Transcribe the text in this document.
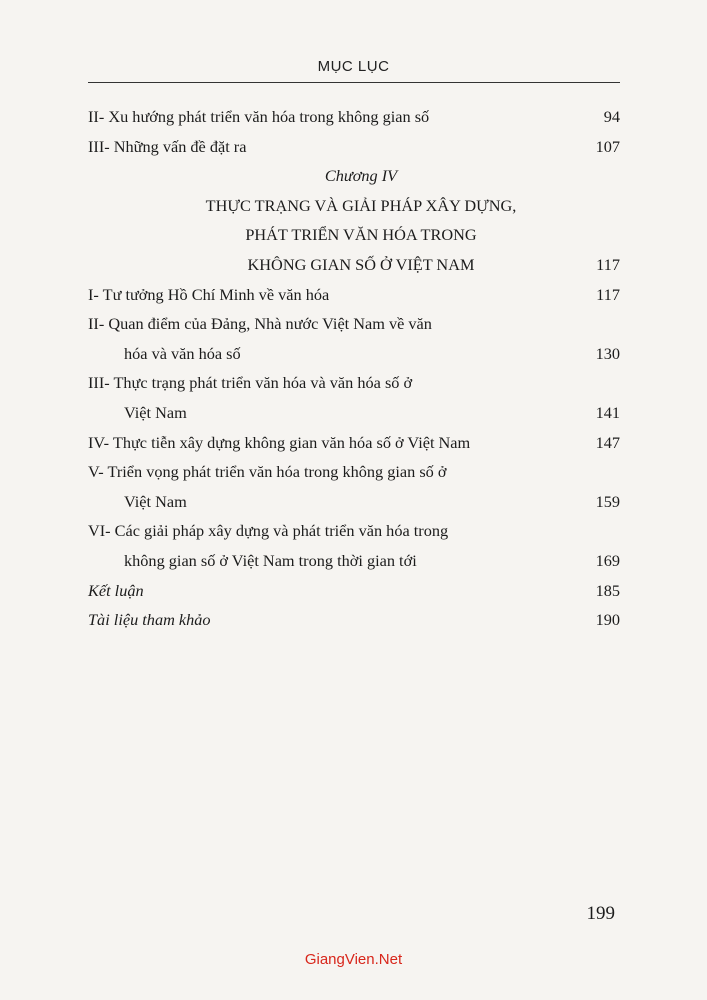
MỤC LỤC
II- Xu hướng phát triển văn hóa trong không gian số	94
III- Những vấn đề đặt ra	107
Chương IV
THỰC TRẠNG VÀ GIẢI PHÁP XÂY DỰNG,
PHÁT TRIỂN VĂN HÓA TRONG
KHÔNG GIAN SỐ Ở VIỆT NAM	117
I- Tư tưởng Hồ Chí Minh về văn hóa	117
II- Quan điểm của Đảng, Nhà nước Việt Nam về văn
hóa và văn hóa số	130
III- Thực trạng phát triển văn hóa và văn hóa số ở
Việt Nam	141
IV- Thực tiễn xây dựng không gian văn hóa số ở Việt Nam	147
V- Triển vọng phát triển văn hóa trong không gian số ở
Việt Nam	159
VI- Các giải pháp xây dựng và phát triển văn hóa trong
không gian số ở Việt Nam trong thời gian tới	169
Kết luận	185
Tài liệu tham khảo	190
199
GiangVien.Net
